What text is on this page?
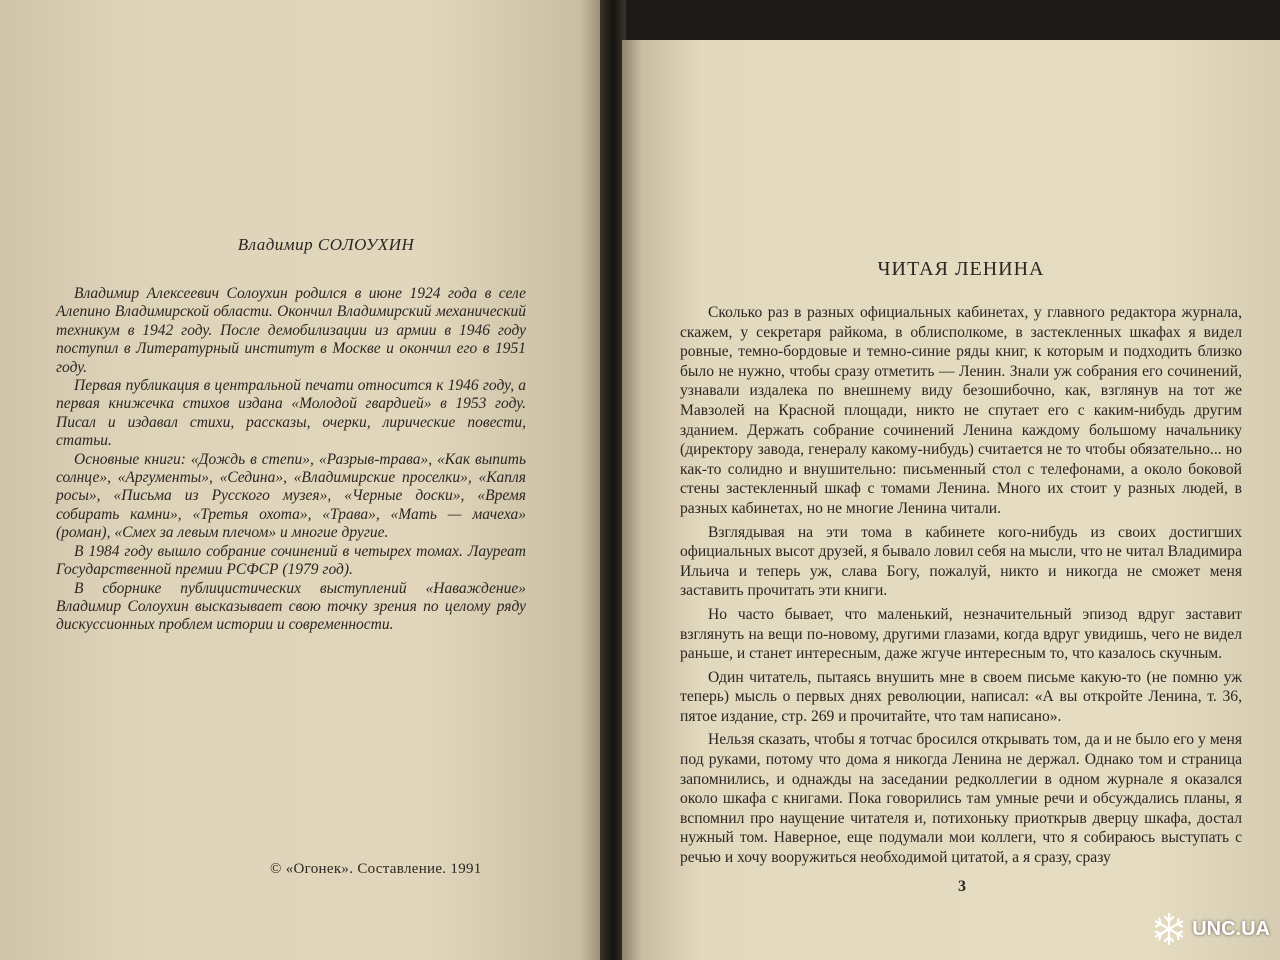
Владимир СОЛОУХИН

Владимир Алексеевич Солоухин родился в июне 1924 года в селе Алепино Владимирской области. Окончил Владимирский механический техникум в 1942 году. После демобилизации из армии в 1946 году поступил в Литературный институт в Москве и окончил его в 1951 году.

Первая публикация в центральной печати относится к 1946 году, а первая книжечка стихов издана «Молодой гвардией» в 1953 году. Писал и издавал стихи, рассказы, очерки, лирические повести, статьи.

Основные книги: «Дождь в степи», «Разрыв-трава», «Как выпить солнце», «Аргументы», «Седина», «Владимирские проселки», «Капля росы», «Письма из Русского музея», «Черные доски», «Время собирать камни», «Третья охота», «Трава», «Мать — мачеха» (роман), «Смех за левым плечом» и многие другие.

В 1984 году вышло собрание сочинений в четырех томах. Лауреат Государственной премии РСФСР (1979 год).

В сборнике публицистических выступлений «Наваждение» Владимир Солоухин высказывает свою точку зрения по целому ряду дискуссионных проблем истории и современности.

© «Огонек». Составление. 1991
ЧИТАЯ ЛЕНИНА

Сколько раз в разных официальных кабинетах, у главного редактора журнала, скажем, у секретаря райкома, в облисполкоме, в застекленных шкафах я видел ровные, темно-бордовые и темно-синие ряды книг, к которым и подходить близко было не нужно, чтобы сразу отметить — Ленин. Знали уж собрания его сочинений, узнавали издалека по внешнему виду безошибочно, как, взглянув на тот же Мавзолей на Красной площади, никто не спутает его с каким-нибудь другим зданием. Держать собрание сочинений Ленина каждому большому начальнику (директору завода, генералу какому-нибудь) считается не то чтобы обязательно... но как-то солидно и внушительно: письменный стол с телефонами, а около боковой стены застекленный шкаф с томами Ленина. Много их стоит у разных людей, в разных кабинетах, но не многие Ленина читали.

Взглядывая на эти тома в кабинете кого-нибудь из своих достигших официальных высот друзей, я бывало ловил себя на мысли, что не читал Владимира Ильича и теперь уж, слава Богу, пожалуй, никто и никогда не сможет меня заставить прочитать эти книги.

Но часто бывает, что маленький, незначительный эпизод вдруг заставит взглянуть на вещи по-новому, другими глазами, когда вдруг увидишь, чего не видел раньше, и станет интересным, даже жгуче интересным то, что казалось скучным.

Один читатель, пытаясь внушить мне в своем письме какую-то (не помню уж теперь) мысль о первых днях революции, написал: «А вы откройте Ленина, т. 36, пятое издание, стр. 269 и прочитайте, что там написано».

Нельзя сказать, чтобы я тотчас бросился открывать том, да и не было его у меня под руками, потому что дома я никогда Ленина не держал. Однако том и страница запомнились, и однажды на заседании редколлегии в одном журнале я оказался около шкафа с книгами. Пока говорились там умные речи и обсуждались планы, я вспомнил про наущение читателя и, потихоньку приоткрыв дверцу шкафа, достал нужный том. Наверное, еще подумали мои коллеги, что я собираюсь выступать с речью и хочу вооружиться необходимой цитатой, а я сразу, сразу

3
UNC.UA
